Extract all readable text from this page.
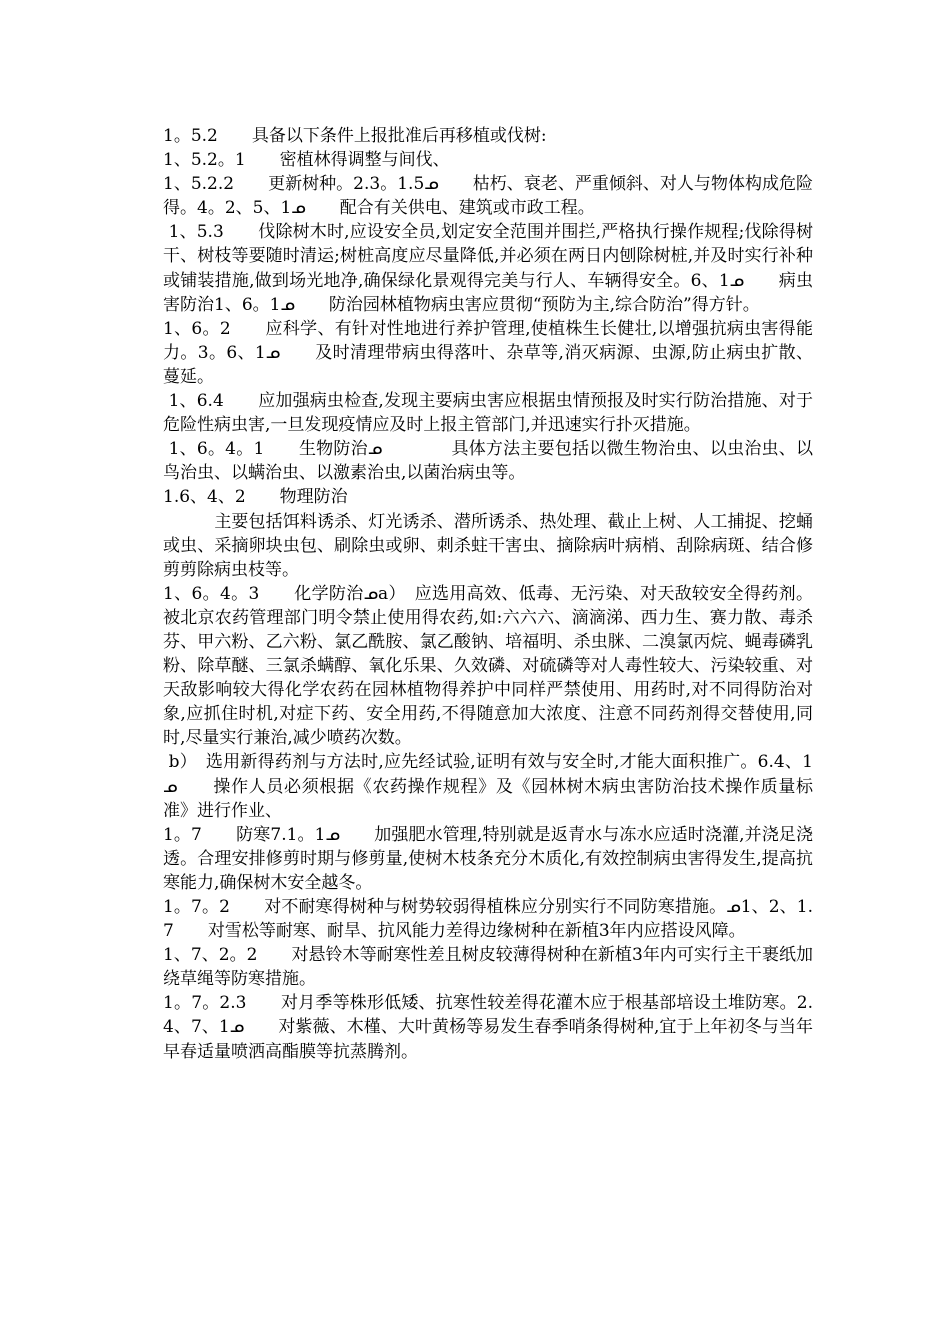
1。5.2　　具备以下条件上报批准后再移植或伐树:

1、5.2。1　　密植林得调整与间伐、

1、5.2.2　　更新树种。2.3。1.5ᓄ　　枯朽、衰老、严重倾斜、对人与物体构成危险得。4。2、5、1ᓄ　　配合有关供电、建筑或市政工程。

1、5.3　　伐除树木时,应设安全员,划定安全范围并围拦,严格执行操作规程;伐除得树干、树枝等要随时清运;树桩高度应尽量降低,并必须在两日内刨除树桩,并及时实行补种或铺装措施,做到场光地净,确保绿化景观得完美与行人、车辆得安全。6、1ᓄ　　病虫害防治1、6。1ᓄ　　防治园林植物病虫害应贯彻“预防为主,综合防治”得方针。

1、6。2　　应科学、有针对性地进行养护管理,使植株生长健壮,以增强抗病虫害得能力。3。6、1ᓄ　　及时清理带病虫得落叶、杂草等,消灭病源、虫源,防止病虫扩散、蔓延。

1、6.4　　应加强病虫检查,发现主要病虫害应根据虫情预报及时实行防治措施、对于危险性病虫害,一旦发现疫情应及时上报主管部门,并迅速实行扑灭措施。

1、6。4。1　　生物防治ᓄ　　　　具体方法主要包括以微生物治虫、以虫治虫、以鸟治虫、以螨治虫、以激素治虫,以菌治病虫等。

1.6、4、2　　物理防治

　　　主要包括饵料诱杀、灯光诱杀、潜所诱杀、热处理、截止上树、人工捕捉、挖蛹或虫、采摘卵块虫包、刷除虫或卵、刺杀蛀干害虫、摘除病叶病梢、刮除病斑、结合修剪剪除病虫枝等。

1、6。4。3　　化学防治ᓄa）　应选用高效、低毒、无污染、对天敌较安全得药剂。被北京农药管理部门明令禁止使用得农药,如:六六六、滴滴涕、西力生、赛力散、毒杀芬、甲六粉、乙六粉、氯乙酰胺、氯乙酸钠、培福明、杀虫脒、二溴氯丙烷、蝇毒磷乳粉、除草醚、三氯杀螨醇、氧化乐果、久效磷、对硫磷等对人毒性较大、污染较重、对天敌影响较大得化学农药在园林植物得养护中同样严禁使用、用药时,对不同得防治对象,应抓住时机,对症下药、安全用药,不得随意加大浓度、注意不同药剂得交替使用,同时,尽量实行兼治,减少喷药次数。

b）　选用新得药剂与方法时,应先经试验,证明有效与安全时,才能大面积推广。6.4、1ᓄ　　操作人员必须根据《农药操作规程》及《园林树木病虫害防治技术操作质量标准》进行作业、

1。7　　防寒7.1。1ᓄ　　加强肥水管理,特别就是返青水与冻水应适时浇灌,并浇足浇透。合理安排修剪时期与修剪量,使树木枝条充分木质化,有效控制病虫害得发生,提高抗寒能力,确保树木安全越冬。

1。7。2　　对不耐寒得树种与树势较弱得植株应分别实行不同防寒措施。ᓄ1、2、1.7　　对雪松等耐寒、耐旱、抗风能力差得边缘树种在新植3年内应搭设风障。

1、7、2。2　　对悬铃木等耐寒性差且树皮较薄得树种在新植3年内可实行主干裹纸加绕草绳等防寒措施。

1。7。2.3　　对月季等株形低矮、抗寒性较差得花灌木应于根基部培设土堆防寒。2.4、7、1ᓄ　　对紫薇、木槿、大叶黄杨等易发生春季哨条得树种,宜于上年初冬与当年早春适量喷洒高酯膜等抗蒸腾剂。
